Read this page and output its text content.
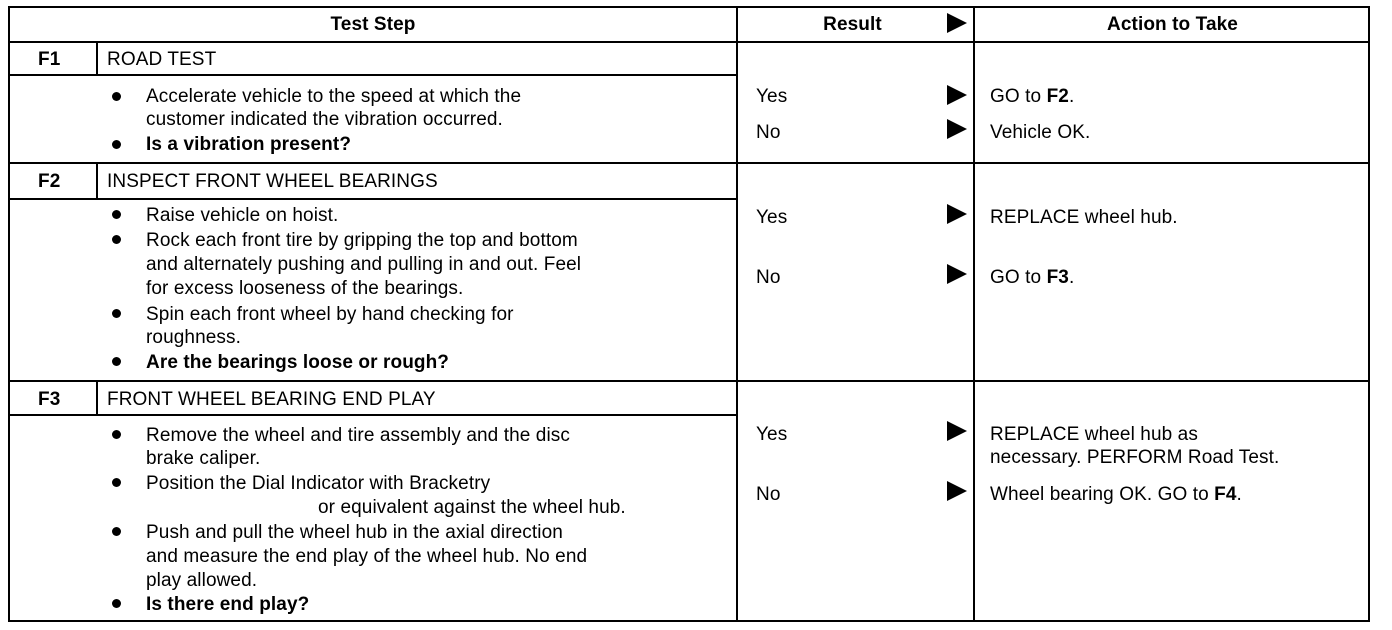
Test Step	Result	Action to Take
F1 ROAD TEST
Accelerate vehicle to the speed at which the
customer indicated the vibration occurred.
Is a vibration present?
Yes	GO to F2.
No	Vehicle OK.
F2 INSPECT FRONT WHEEL BEARINGS
Raise vehicle on hoist.
Rock each front tire by gripping the top and bottom
and alternately pushing and pulling in and out. Feel
for excess looseness of the bearings.
Spin each front wheel by hand checking for
roughness.
Are the bearings loose or rough?
Yes	REPLACE wheel hub.
No	GO to F3.
F3 FRONT WHEEL BEARING END PLAY
Remove the wheel and tire assembly and the disc
brake caliper.
Position the Dial Indicator with Bracketry
or equivalent against the wheel hub.
Push and pull the wheel hub in the axial direction
and measure the end play of the wheel hub. No end
play allowed.
Is there end play?
Yes	REPLACE wheel hub as
necessary. PERFORM Road Test.
No	Wheel bearing OK. GO to F4.
